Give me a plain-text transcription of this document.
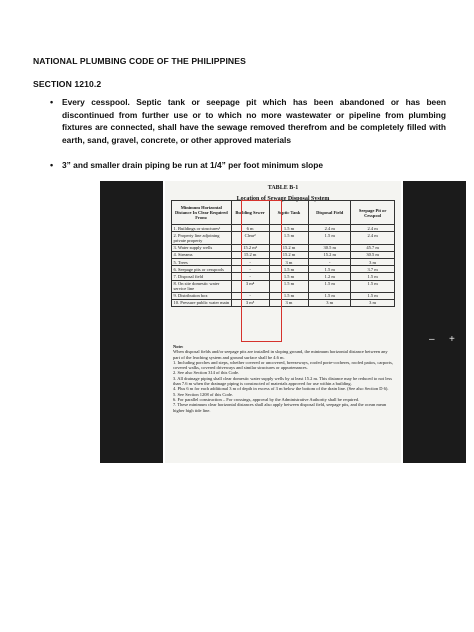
NATIONAL PLUMBING CODE OF THE PHILIPPINES
SECTION 1210.2
• Every cesspool. Septic tank or seepage pit which has been abandoned or has been discontinued from further use or to which no more wastewater or pipeline from plumbing fixtures are connected, shall have the sewage removed therefrom and be completely filled with earth, sand, gravel, concrete, or other approved materials
• 3” and smaller drain piping be run at 1/4” per foot minimum slope
– +
TABLE B-1
Location of Sewage Disposal System
Minimum Horizontal Distance In Clear Required From:	Building Sewer	Septic Tank	Disposal Field	Seepage Pit or Cesspool
1. Buildings or structures¹	6 m	1.5 m	2.4 m	2.4 m
2. Property line adjoining private property	Clear²	1.5 m	1.5 m	2.4 m
3. Water supply wells	15.2 m³	15.2 m	30.5 m	45.7 m
4. Streams	15.2 m	15.2 m	15.2 m	30.5 m
5. Trees	-	3 m	-	3 m
6. Seepage pits or cesspools	-	1.5 m	1.5 m	3.7 m
7. Disposal field	-	1.5 m	1.2 m	1.5 m
8. On site domestic water service line	3 m⁴	1.5 m	1.5 m	1.5 m
9. Distribution box	-	1.5 m	1.5 m	1.5 m
10. Pressure public water main	3 m⁵	3 m	3 m	3 m

Note:

When disposal fields and/or seepage pits are installed in sloping ground, the minimum horizontal distance between any part of the leaching system and ground surface shall be 4.6 m.

1. Including porches and steps, whether covered or uncovered, breezeways, roofed porte-cocheres, roofed patios, carports, covered walks, covered driveways and similar structures or appurtenances.

2. See also Section 314 of this Code.

3. All drainage piping shall clear domestic water supply wells by at least 15.2 m. This distance may be reduced to not less than 7.6 m when the drainage piping is constructed of materials approved for use within a building.

4. Plus 6 m for each additional 3 m of depth in excess of 3 m below the bottom of the drain line. (See also Section D 6).

5. See Section 1208 of this Code.

6. For parallel construction – For crossings, approval by the Administrative Authority shall be required.

7. These minimum clear horizontal distances shall also apply between disposal field, seepage pits, and the ocean mean higher high tide line.
